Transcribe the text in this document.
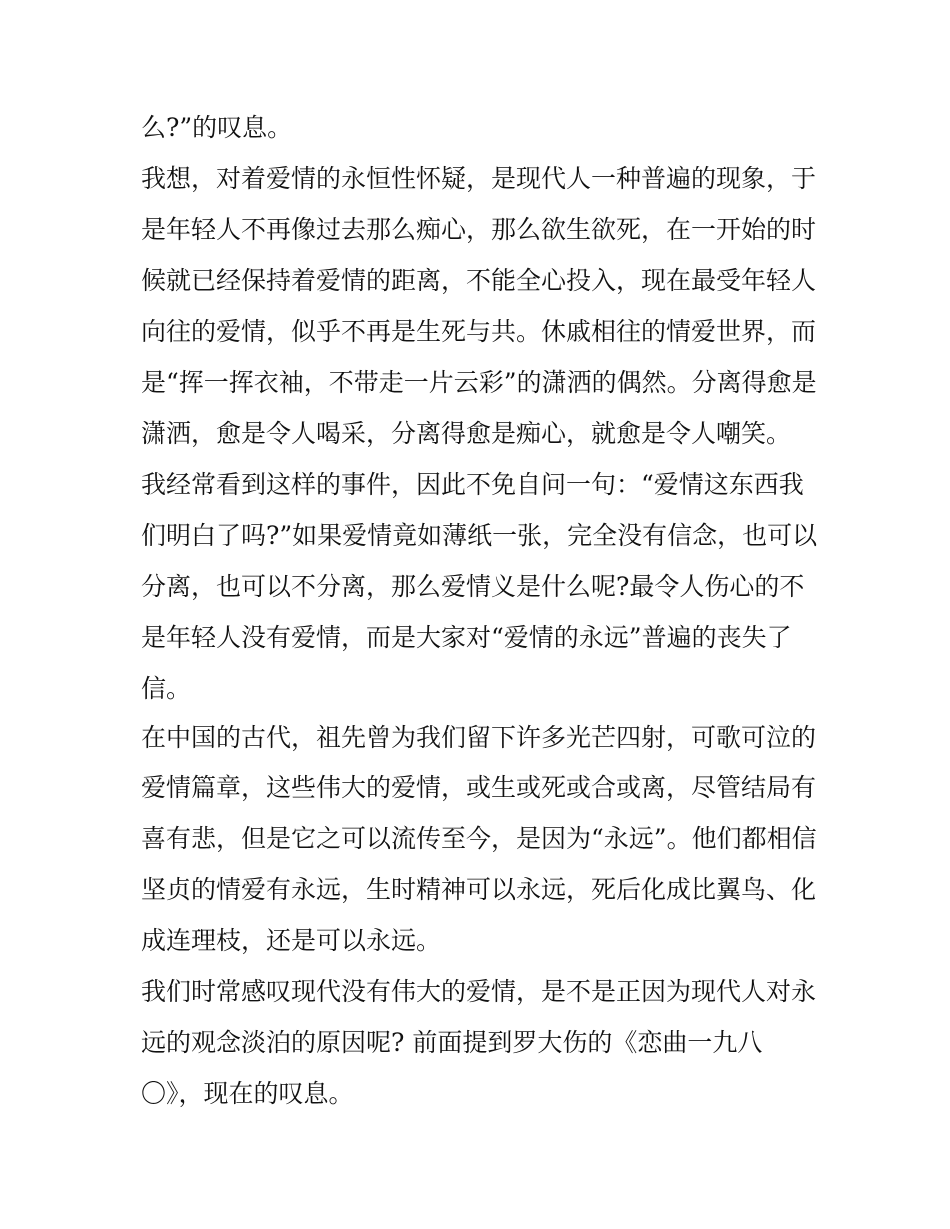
么?”的叹息。
我想，对着爱情的永恒性怀疑，是现代人一种普遍的现象，于
是年轻人不再像过去那么痴心，那么欲生欲死，在一开始的时
候就已经保持着爱情的距离，不能全心投入，现在最受年轻人
向往的爱情，似乎不再是生死与共。休戚相往的情爱世界，而
是“挥一挥衣袖，不带走一片云彩”的潇洒的偶然。分离得愈是
潇洒，愈是令人喝采，分离得愈是痴心，就愈是令人嘲笑。
我经常看到这样的事件，因此不免自问一句：“爱情这东西我
们明白了吗?”如果爱情竟如薄纸一张，完全没有信念，也可以
分离，也可以不分离，那么爱情义是什么呢?最令人伤心的不
是年轻人没有爱情，而是大家对“爱情的永远”普遍的丧失了
信。
在中国的古代，祖先曾为我们留下许多光芒四射，可歌可泣的
爱情篇章，这些伟大的爱情，或生或死或合或离，尽管结局有
喜有悲，但是它之可以流传至今，是因为“永远”。他们都相信
坚贞的情爱有永远，生时精神可以永远，死后化成比翼鸟、化
成连理枝，还是可以永远。
我们时常感叹现代没有伟大的爱情，是不是正因为现代人对永
远的观念淡泊的原因呢? 前面提到罗大伤的《恋曲一九八
〇》，现在的叹息。
